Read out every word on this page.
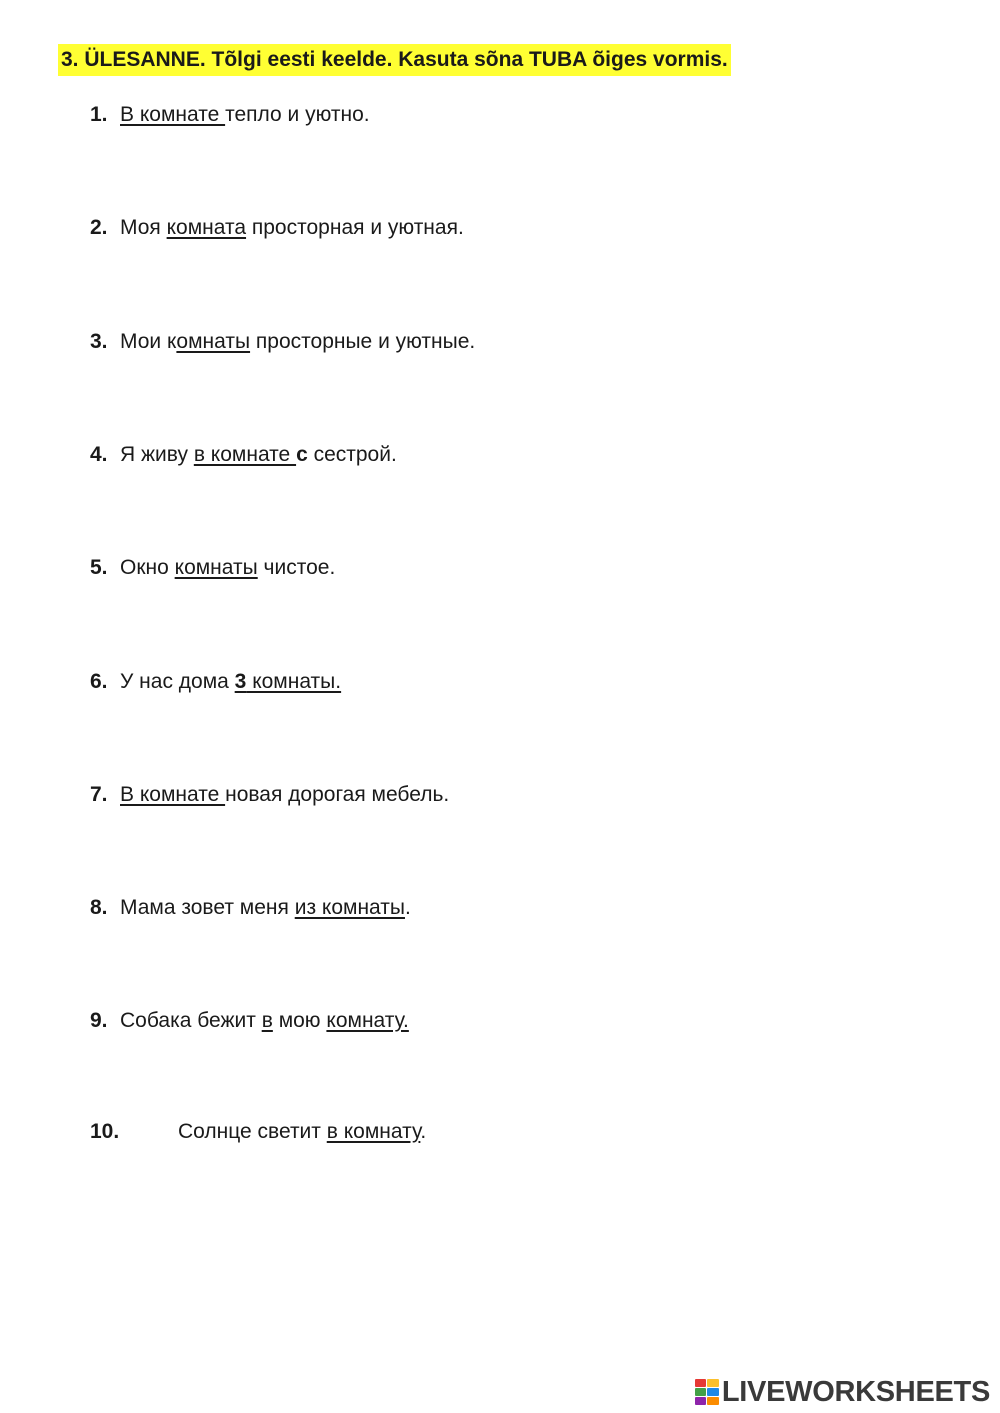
3. ÜLESANNE. Tõlgi eesti keelde. Kasuta sõna TUBA õiges vormis.
1. В комнате тепло и уютно.
2. Моя комната просторная и уютная.
3. Мои комнаты просторные и уютные.
4. Я живу в комнате с сестрой.
5. Окно комнаты чистое.
6. У нас дома 3 комнаты.
7. В комнате новая дорогая мебель.
8. Мама зовет меня из комнаты.
9. Собака бежит в мою комнату.
10.	Солнце светит в комнату.
LIVEWORKSHEETS
